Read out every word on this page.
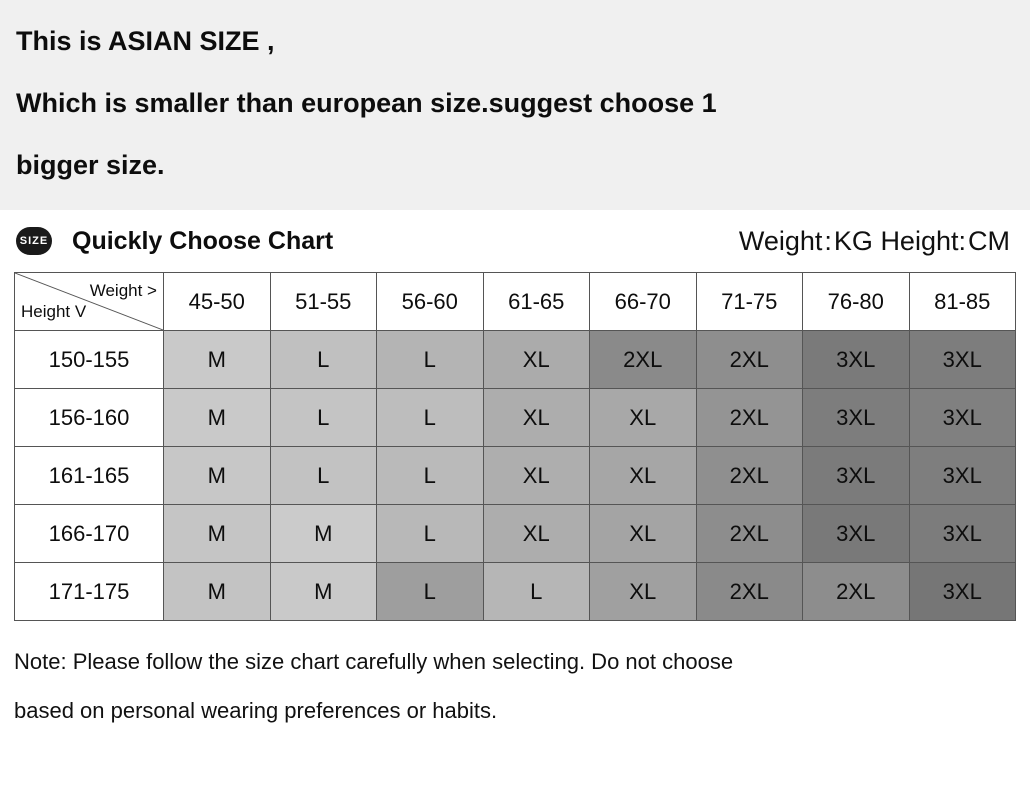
This is ASIAN SIZE ,
Which is smaller than european size.suggest choose 1
bigger size.
SIZE Quickly Choose Chart	Weight:KG Height:CM
Weight >
Height V	45-50	51-55	56-60	61-65	66-70	71-75	76-80	81-85
150-155	M	L	L	XL	2XL	2XL	3XL	3XL
156-160	M	L	L	XL	XL	2XL	3XL	3XL
161-165	M	L	L	XL	XL	2XL	3XL	3XL
166-170	M	M	L	XL	XL	2XL	3XL	3XL
171-175	M	M	L	L	XL	2XL	2XL	3XL
Note: Please follow the size chart carefully when selecting. Do not choose
based on personal wearing preferences or habits.
